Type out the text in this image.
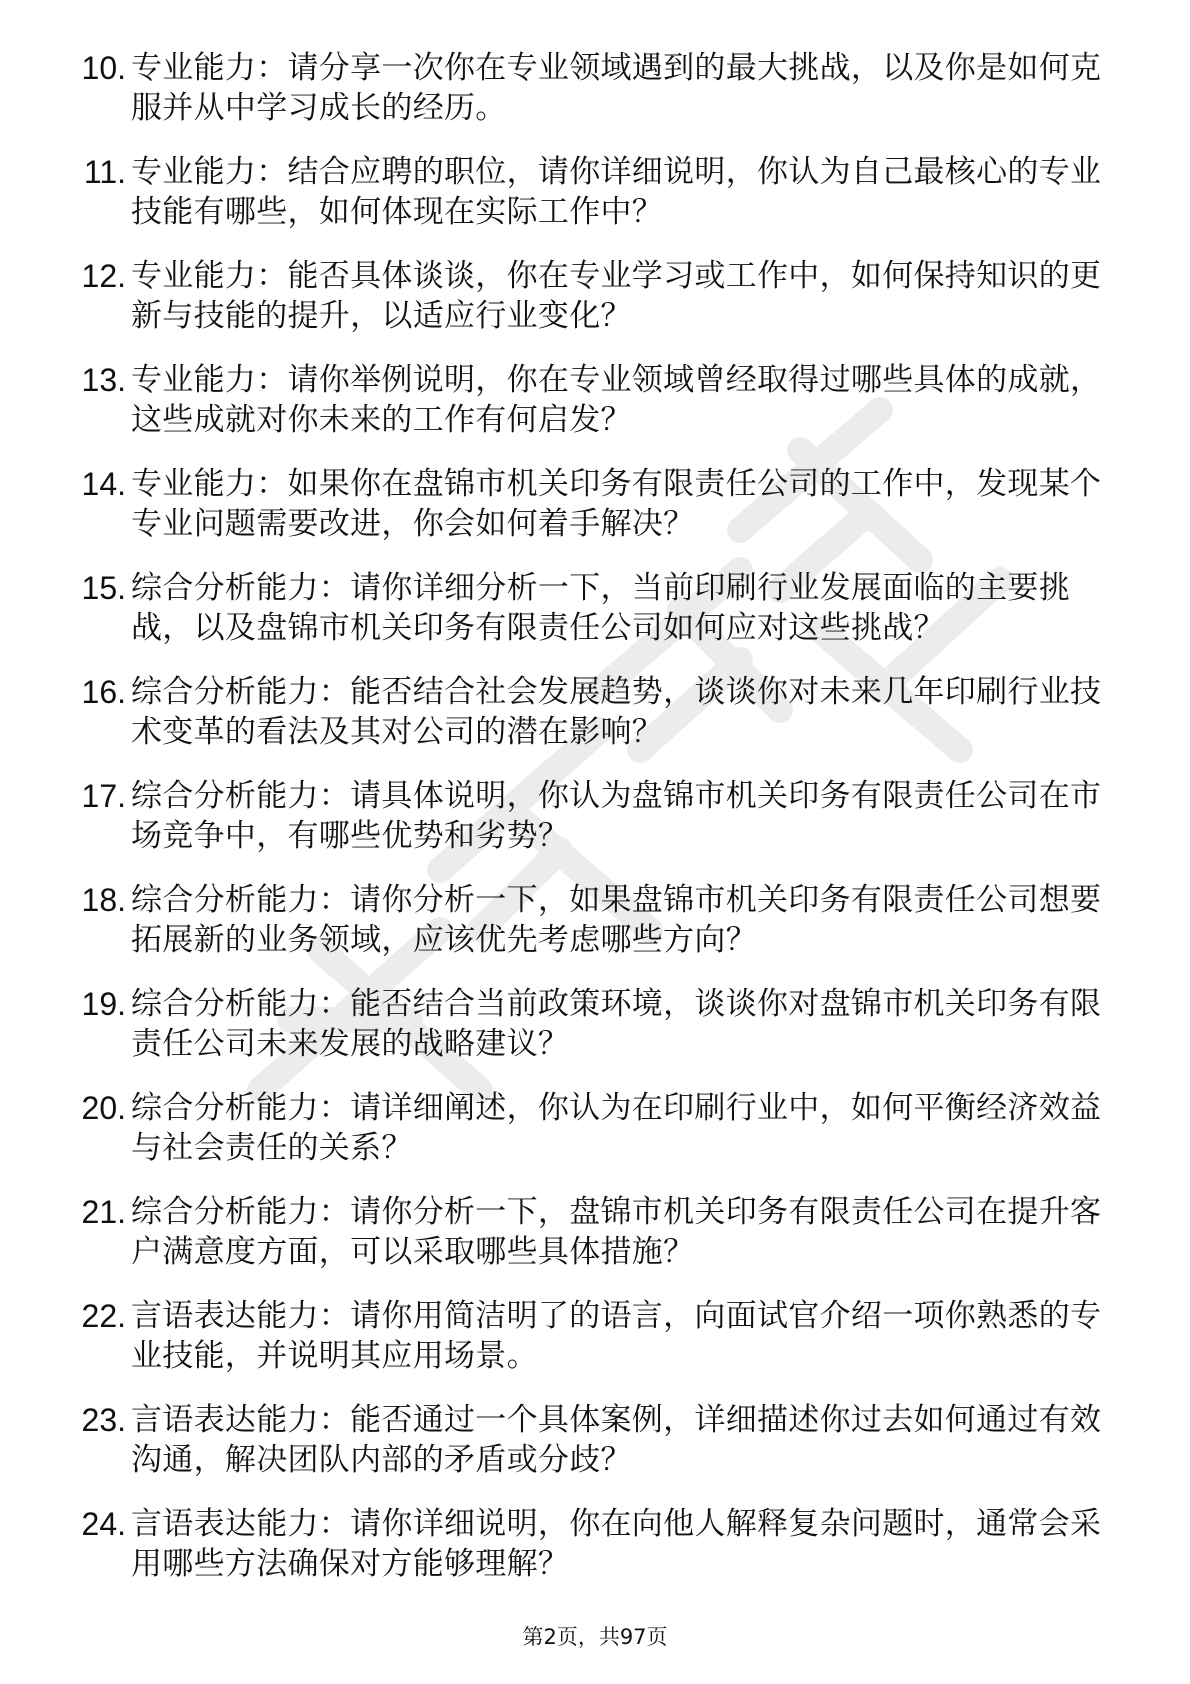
10. 专业能力：请分享一次你在专业领域遇到的最大挑战，以及你是如何克服并从中学习成长的经历。
11. 专业能力：结合应聘的职位，请你详细说明，你认为自己最核心的专业技能有哪些，如何体现在实际工作中？
12. 专业能力：能否具体谈谈，你在专业学习或工作中，如何保持知识的更新与技能的提升，以适应行业变化？
13. 专业能力：请你举例说明，你在专业领域曾经取得过哪些具体的成就，这些成就对你未来的工作有何启发？
14. 专业能力：如果你在盘锦市机关印务有限责任公司的工作中，发现某个专业问题需要改进，你会如何着手解决？
15. 综合分析能力：请你详细分析一下，当前印刷行业发展面临的主要挑战，以及盘锦市机关印务有限责任公司如何应对这些挑战？
16. 综合分析能力：能否结合社会发展趋势，谈谈你对未来几年印刷行业技术变革的看法及其对公司的潜在影响？
17. 综合分析能力：请具体说明，你认为盘锦市机关印务有限责任公司在市场竞争中，有哪些优势和劣势？
18. 综合分析能力：请你分析一下，如果盘锦市机关印务有限责任公司想要拓展新的业务领域，应该优先考虑哪些方向？
19. 综合分析能力：能否结合当前政策环境，谈谈你对盘锦市机关印务有限责任公司未来发展的战略建议？
20. 综合分析能力：请详细阐述，你认为在印刷行业中，如何平衡经济效益与社会责任的关系？
21. 综合分析能力：请你分析一下，盘锦市机关印务有限责任公司在提升客户满意度方面，可以采取哪些具体措施？
22. 言语表达能力：请你用简洁明了的语言，向面试官介绍一项你熟悉的专业技能，并说明其应用场景。
23. 言语表达能力：能否通过一个具体案例，详细描述你过去如何通过有效沟通，解决团队内部的矛盾或分歧？
24. 言语表达能力：请你详细说明，你在向他人解释复杂问题时，通常会采用哪些方法确保对方能够理解？
第2页，共97页
